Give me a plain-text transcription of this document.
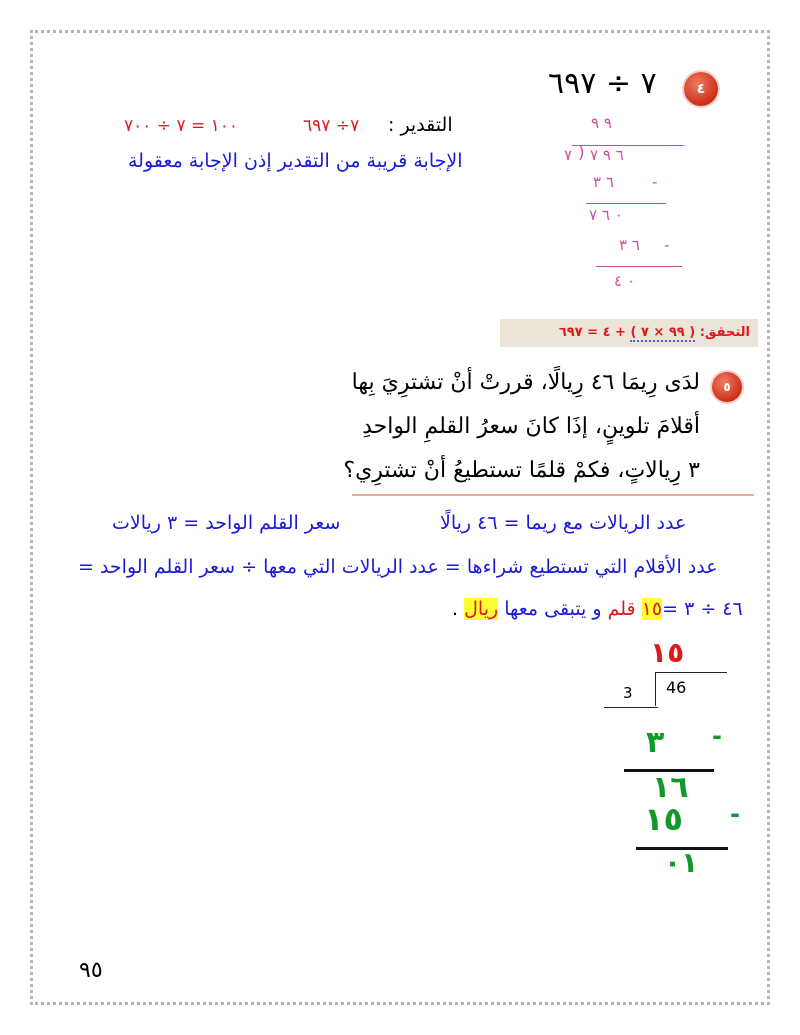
٤
٧ ÷ ٦٩٧
التقدير :
٧÷ ٦٩٧
١٠٠ = ٧ ÷ ٧٠٠
الإجابة قريبة من التقدير إذن الإجابة معقولة
٩ ٩
٧ ) ٦ ٩ ٧
٦ ٣	-
٠ ٦ ٧
٦ ٣ -
٠ ٤
التحقق: ( ٩٩ × ٧ ) + ٤ = ٦٩٧
٥
لدَى رِيمَا ٤٦ رِيالًا، قررتْ أنْ تشترِيَ بِها
أقلامَ تلوينٍ، إذَا كانَ سعرُ القلمِ الواحدِ
٣ رِيالاتٍ، فكمْ قلمًا تستطيعُ أنْ تشترِي؟
عدد الريالات مع ريما = ٤٦ ريالًا
سعر القلم الواحد = ٣ ريالات
عدد الأقلام التي تستطيع شراءها = عدد الريالات التي معها ÷ سعر القلم الواحد =
٤٦ ÷ ٣ =١٥ قلم و يتبقى معها ريال .
١٥
3 46
٣ -
١٦
١٥ -
٠١
٩٥
